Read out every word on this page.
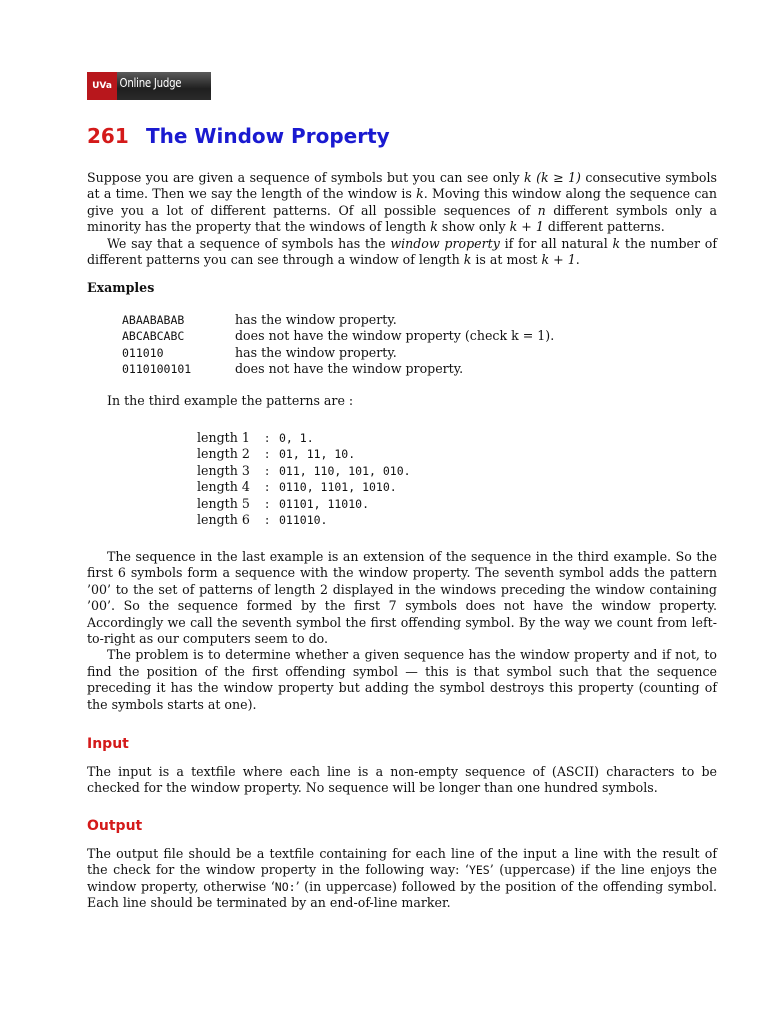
UVa Online Judge
261 The Window Property

Suppose you are given a sequence of symbols but you can see only k (k ≥ 1) consecutive symbols at a time. Then we say the length of the window is k. Moving this window along the sequence can give you a lot of different patterns. Of all possible sequences of n different symbols only a minority has the property that the windows of length k show only k + 1 different patterns.

We say that a sequence of symbols has the window property if for all natural k the number of different patterns you can see through a window of length k is at most k + 1.

Examples
ABAABABAB	has the window property.
ABCABCABC	does not have the window property (check k = 1).
011010	has the window property.
0110100101	does not have the window property.
In the third example the patterns are :
length 1	:	0, 1.
length 2	:	01, 11, 10.
length 3	:	011, 110, 101, 010.
length 4	:	0110, 1101, 1010.
length 5	:	01101, 11010.
length 6	:	011010.

The sequence in the last example is an extension of the sequence in the third example. So the first 6 symbols form a sequence with the window property. The seventh symbol adds the pattern ’00’ to the set of patterns of length 2 displayed in the windows preceding the window containing ’00’. So the sequence formed by the first 7 symbols does not have the window property. Accordingly we call the seventh symbol the first offending symbol. By the way we count from left-to-right as our computers seem to do.

The problem is to determine whether a given sequence has the window property and if not, to find the position of the first offending symbol — this is that symbol such that the sequence preceding it has the window property but adding the symbol destroys this property (counting of the symbols starts at one).

Input

The input is a textfile where each line is a non-empty sequence of (ASCII) characters to be checked for the window property. No sequence will be longer than one hundred symbols.

Output

The output file should be a textfile containing for each line of the input a line with the result of the check for the window property in the following way: ‘YES’ (uppercase) if the line enjoys the window property, otherwise ‘NO:’ (in uppercase) followed by the position of the offending symbol. Each line should be terminated by an end-of-line marker.
